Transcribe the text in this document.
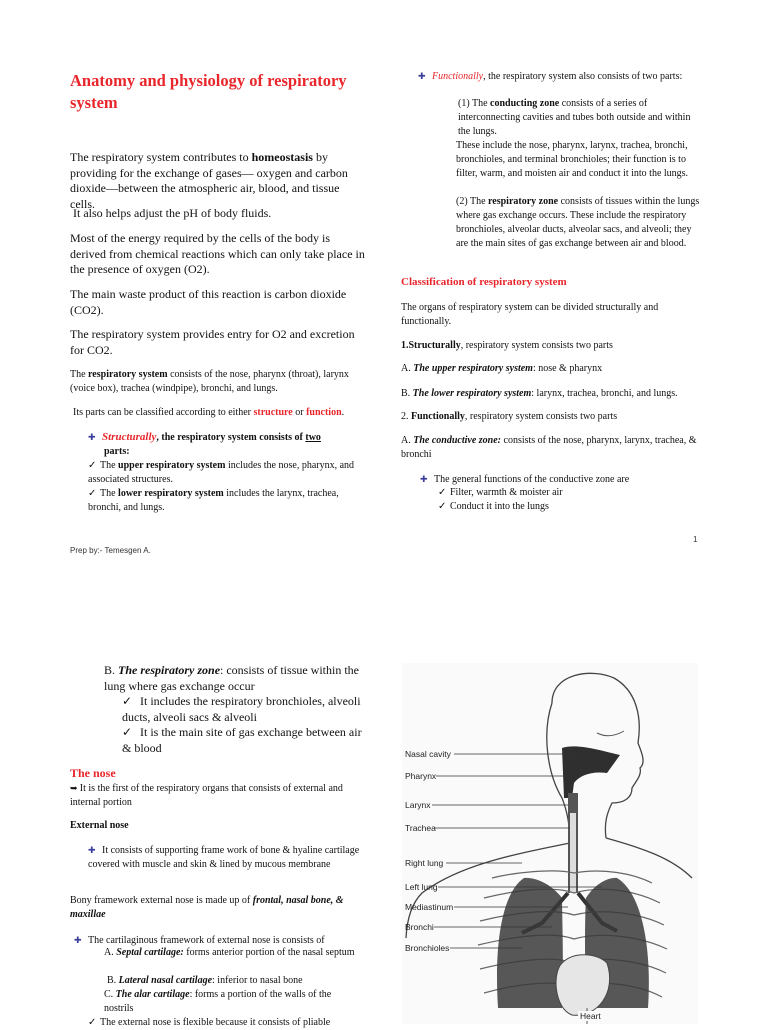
Anatomy and physiology of respiratory system
The respiratory system contributes to homeostasis by providing for the exchange of gases— oxygen and carbon dioxide—between the atmospheric air, blood, and tissue cells.
It also helps adjust the pH of body fluids.
Most of the energy required by the cells of the body is derived from chemical reactions which can only take place in the presence of oxygen (O2).
The main waste product of this reaction is carbon dioxide (CO2).
The respiratory system provides entry for O2 and excretion for CO2.
The respiratory system consists of the nose, pharynx (throat), larynx (voice box), trachea (windpipe), bronchi, and lungs.
Its parts can be classified according to either structure or function.
✚ Structurally, the respiratory system consists of two
parts:
✓ The upper respiratory system includes the nose, pharynx, and associated structures.
✓ The lower respiratory system includes the larynx, trachea, bronchi, and lungs.
✚ Functionally, the respiratory system also consists of two parts:
(1) The conducting zone consists of a series of interconnecting cavities and tubes both outside and within the lungs.
These include the nose, pharynx, larynx, trachea, bronchi, bronchioles, and terminal bronchioles; their function is to filter, warm, and moisten air and conduct it into the lungs.
(2) The respiratory zone consists of tissues within the lungs where gas exchange occurs. These include the respiratory bronchioles, alveolar ducts, alveolar sacs, and alveoli; they are the main sites of gas exchange between air and blood.
Classification of respiratory system
The organs of respiratory system can be divided structurally and functionally.
1.Structurally, respiratory system consists two parts
A. The upper respiratory system: nose & pharynx
B. The lower respiratory system: larynx, trachea, bronchi, and lungs.
2. Functionally, respiratory system consists two parts
A. The conductive zone: consists of the nose, pharynx, larynx, trachea, & bronchi
✚ The general functions of the conductive zone are
✓ Filter, warmth & moister air
✓ Conduct it into the lungs
1
Prep by:- Temesgen A.
B. The respiratory zone: consists of tissue within the lung where gas exchange occur
✓ It includes the respiratory bronchioles, alveoli ducts, alveoli sacs & alveoli
✓ It is the main site of gas exchange between air & blood
The nose
➥ It is the first of the respiratory organs that consists of external and internal portion
External nose
✚ It consists of supporting frame work of bone & hyaline cartilage covered with muscle and skin & lined by mucous membrane
Bony framework external nose is made up of frontal, nasal bone, & maxillae
✚ The cartilaginous framework of external nose is consists of
A. Septal cartilage: forms anterior portion of the nasal septum
B. Lateral nasal cartilage: inferior to nasal bone
C. The alar cartilage: forms a portion of the walls of the nostrils
✓ The external nose is flexible because it consists of pliable
Nasal cavity
Pharynx
Larynx
Trachea
Right lung
Left lung
Mediastinum
Bronchi
Bronchioles
Heart
